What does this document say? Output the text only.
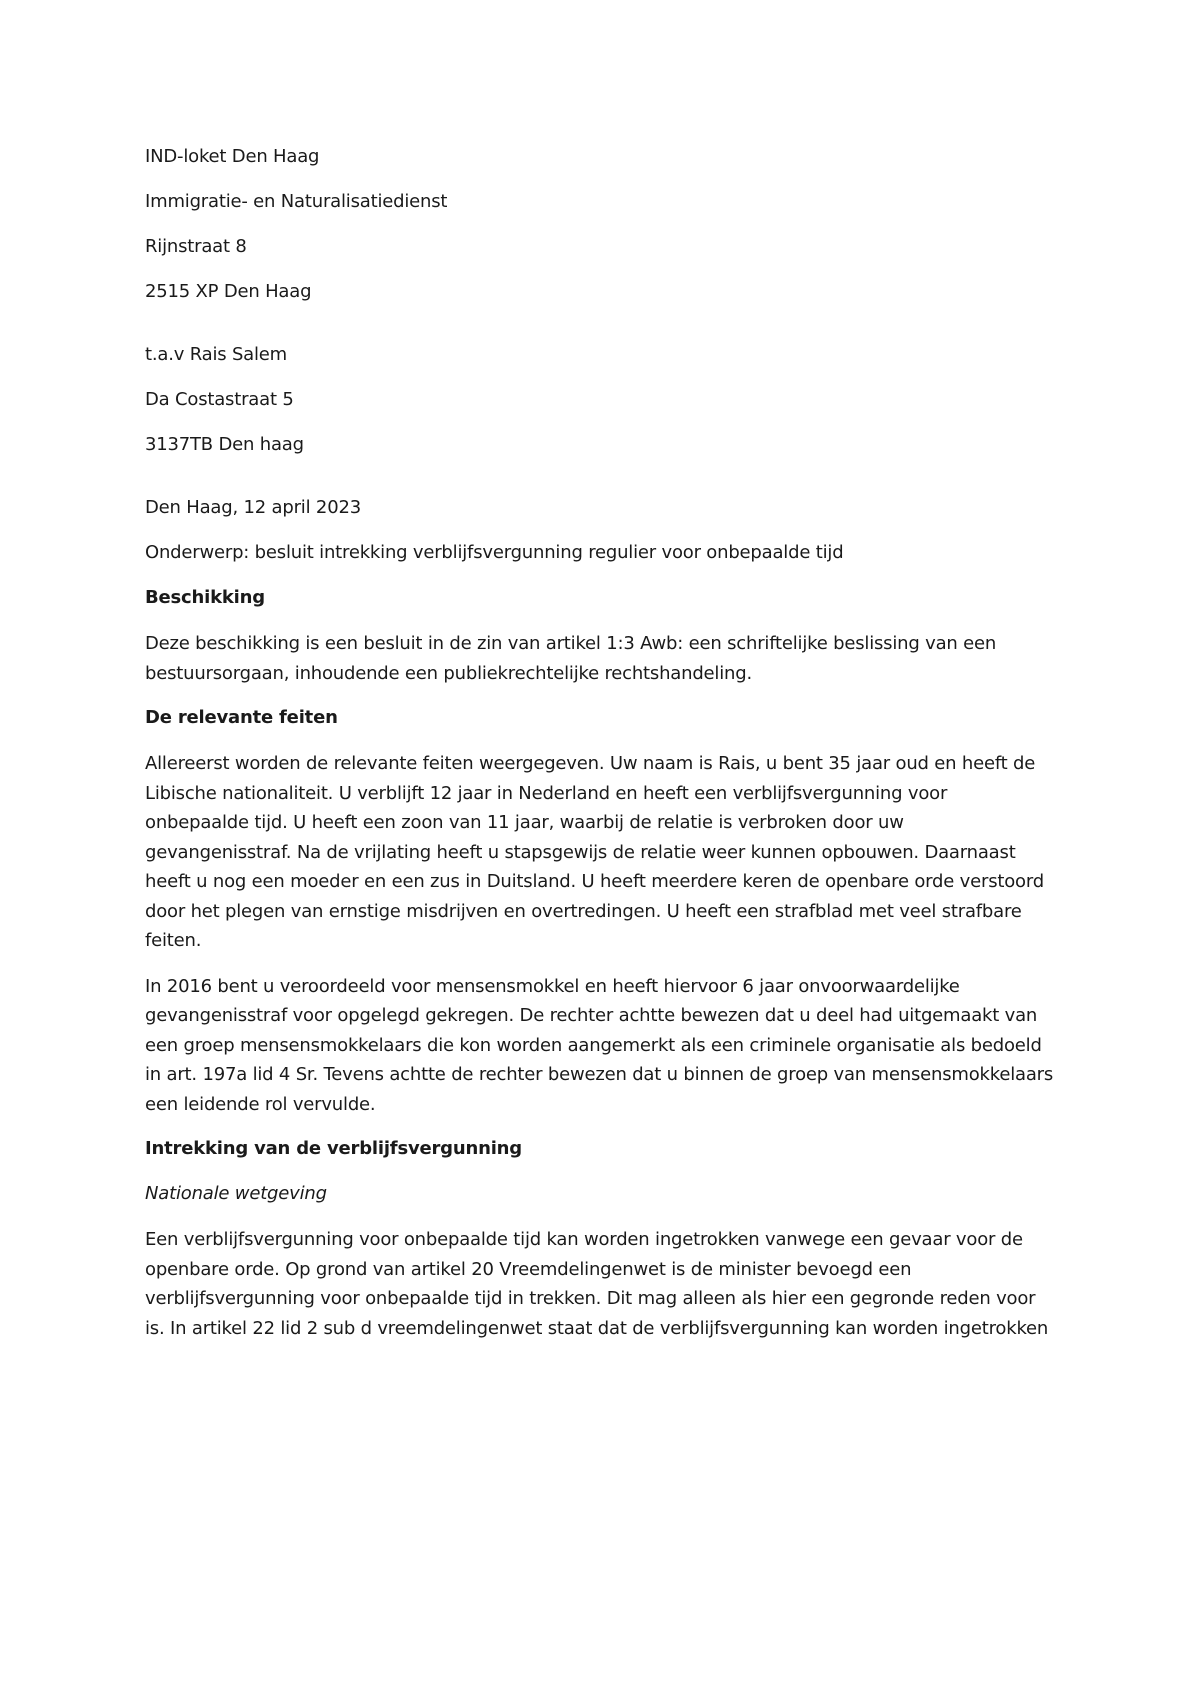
IND-loket Den Haag
Immigratie- en Naturalisatiedienst
Rijnstraat 8
2515 XP Den Haag
t.a.v Rais Salem
Da Costastraat 5
3137TB Den haag
Den Haag, 12 april 2023
Onderwerp: besluit intrekking verblijfsvergunning regulier voor onbepaalde tijd
Beschikking
Deze beschikking is een besluit in de zin van artikel 1:3 Awb: een schriftelijke beslissing van een
bestuursorgaan, inhoudende een publiekrechtelijke rechtshandeling.
De relevante feiten
Allereerst worden de relevante feiten weergegeven. Uw naam is Rais, u bent 35 jaar oud en heeft de
Libische nationaliteit. U verblijft 12 jaar in Nederland en heeft een verblijfsvergunning voor
onbepaalde tijd. U heeft een zoon van 11 jaar, waarbij de relatie is verbroken door uw
gevangenisstraf. Na de vrijlating heeft u stapsgewijs de relatie weer kunnen opbouwen. Daarnaast
heeft u nog een moeder en een zus in Duitsland. U heeft meerdere keren de openbare orde verstoord
door het plegen van ernstige misdrijven en overtredingen. U heeft een strafblad met veel strafbare
feiten.
In 2016 bent u veroordeeld voor mensensmokkel en heeft hiervoor 6 jaar onvoorwaardelijke
gevangenisstraf voor opgelegd gekregen. De rechter achtte bewezen dat u deel had uitgemaakt van
een groep mensensmokkelaars die kon worden aangemerkt als een criminele organisatie als bedoeld
in art. 197a lid 4 Sr. Tevens achtte de rechter bewezen dat u binnen de groep van mensensmokkelaars
een leidende rol vervulde.
Intrekking van de verblijfsvergunning
Nationale wetgeving
Een verblijfsvergunning voor onbepaalde tijd kan worden ingetrokken vanwege een gevaar voor de
openbare orde. Op grond van artikel 20 Vreemdelingenwet is de minister bevoegd een
verblijfsvergunning voor onbepaalde tijd in trekken. Dit mag alleen als hier een gegronde reden voor
is. In artikel 22 lid 2 sub d vreemdelingenwet staat dat de verblijfsvergunning kan worden ingetrokken
